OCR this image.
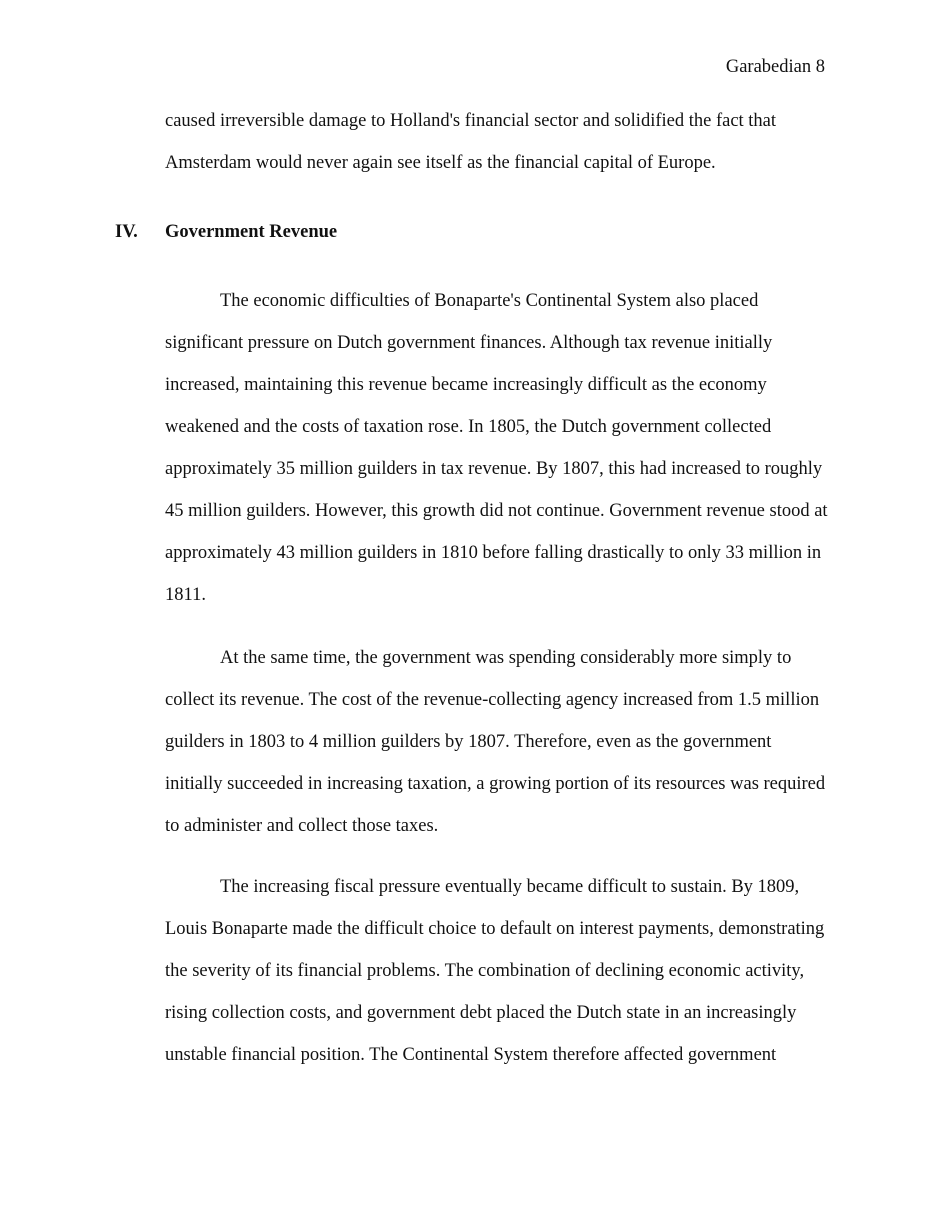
Garabedian 8
caused irreversible damage to Holland's financial sector and solidified the fact that
Amsterdam would never again see itself as the financial capital of Europe.
IV. Government Revenue
The economic difficulties of Bonaparte's Continental System also placed
significant pressure on Dutch government finances. Although tax revenue initially
increased, maintaining this revenue became increasingly difficult as the economy
weakened and the costs of taxation rose. In 1805, the Dutch government collected
approximately 35 million guilders in tax revenue. By 1807, this had increased to roughly
45 million guilders. However, this growth did not continue. Government revenue stood at
approximately 43 million guilders in 1810 before falling drastically to only 33 million in
1811.
At the same time, the government was spending considerably more simply to
collect its revenue. The cost of the revenue-collecting agency increased from 1.5 million
guilders in 1803 to 4 million guilders by 1807. Therefore, even as the government
initially succeeded in increasing taxation, a growing portion of its resources was required
to administer and collect those taxes.
The increasing fiscal pressure eventually became difficult to sustain. By 1809,
Louis Bonaparte made the difficult choice to default on interest payments, demonstrating
the severity of its financial problems. The combination of declining economic activity,
rising collection costs, and government debt placed the Dutch state in an increasingly
unstable financial position. The Continental System therefore affected government
